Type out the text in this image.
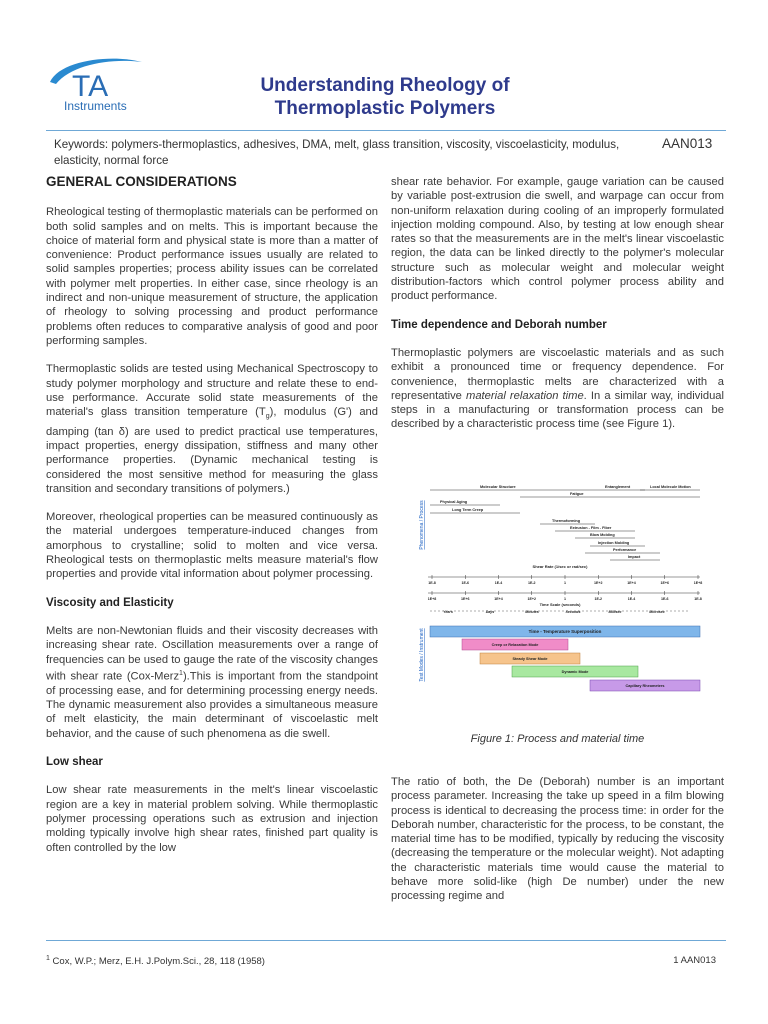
TA
Instruments
Understanding Rheology of
Thermoplastic Polymers
Keywords: polymers-thermoplastics, adhesives, DMA, melt, glass transition, viscosity, viscoelasticity, modulus, elasticity, normal force
AAN013
GENERAL CONSIDERATIONS

Rheological testing of thermoplastic materials can be performed on both solid samples and on melts. This is important because the choice of material form and physical state is more than a matter of convenience: Product performance issues usually are related to solid samples properties; process ability issues can be correlated with polymer melt properties. In either case, since rheology is an indirect and non-unique measurement of structure, the application of rheology to solving processing and product performance problems often reduces to comparative analysis of good and poor performing samples.

Thermoplastic solids are tested using Mechanical Spectroscopy to study polymer morphology and structure and relate these to end-use performance. Accurate solid state measurements of the material's glass transition temperature $(T_g)$, modulus (G') and damping (tan δ) are used to predict practical use temperatures, impact properties, energy dissipation, stiffness and many other performance properties. (Dynamic mechanical testing is considered the most sensitive method for measuring the glass transition and secondary transitions of polymers.)

Moreover, rheological properties can be measured continuously as the material undergoes temperature-induced changes from amorphous to crystalline; solid to molten and vice versa. Rheological tests on thermoplastic melts measure material's flow properties and provide vital information about polymer processing.

Viscosity and Elasticity

Melts are non-Newtonian fluids and their viscosity decreases with increasing shear rate. Oscillation measurements over a range of frequencies can be used to gauge the rate of the viscosity changes with shear rate (Cox-Merz$^1$).This is important from the standpoint of processing ease, and for determining processing energy needs. The dynamic measurement also provides a simultaneous measure of melt elasticity, the main determinant of viscoelastic melt behavior, and the cause of such phenomena as die swell.

Low shear

Low shear rate measurements in the melt's linear viscoelastic region are a key in material problem solving. While thermoplastic polymer processing operations such as extrusion and injection molding typically involve high shear rates, finished part quality is often controlled by the low

shear rate behavior. For example, gauge variation can be caused by variable post-extrusion die swell, and warpage can occur from non-uniform relaxation during cooling of an improperly formulated injection molding compound. Also, by testing at low enough shear rates so that the measurements are in the melt's linear viscoelastic region, the data can be linked directly to the polymer's molecular structure such as molecular weight and molecular weight distribution-factors which control polymer process ability and product performance.

Time dependence and Deborah number

Thermoplastic polymers are viscoelastic materials and as such exhibit a pronounced time or frequency dependence. For convenience, thermoplastic melts are characterized with a representative material relaxation time. In a similar way, individual steps in a manufacturing or transformation process can be described by a characteristic process time (see Figure 1).

Phenomena / Process
Test Modes / Instrument
Molecular Structure	Entanglement	Local Molecule Motion
Fatigue
Physical Aging
Long Term Creep
Thermoforming
Extrusion - Film - Fiber
Blow Molding
Injection Molding
Performance
Impact
Shear Rate (1/sec or rad/sec)
1E-8	1E-6	1E-4	1E-2	1	1E+2	1E+4	1E+6	1E+8
1E+8	1E+6	1E+4	1E+2	1	1E-2	1E-4	1E-6	1E-8
Time Scale (seconds)
Years	Days	Minutes	Seconds	Millisec	Microsec
Time - Temperature Superposition
Creep or Relaxation Mode
Steady Shear Mode
Dynamic Mode
Capillary Rheometers
Figure 1: Process and material time

The ratio of both, the De (Deborah) number is an important process parameter. Increasing the take up speed in a film blowing process is identical to decreasing the process time: in order for the Deborah number, characteristic for the process, to be constant, the material time has to be modified, typically by reducing the viscosity (decreasing the temperature or the molecular weight). Not adapting the characteristic materials time would cause the material to behave more solid-like (high De number) under the new processing regime and

$^1$ Cox, W.P.; Merz, E.H. J.Polym.Sci., 28, 118 (1958)	1 AAN013
